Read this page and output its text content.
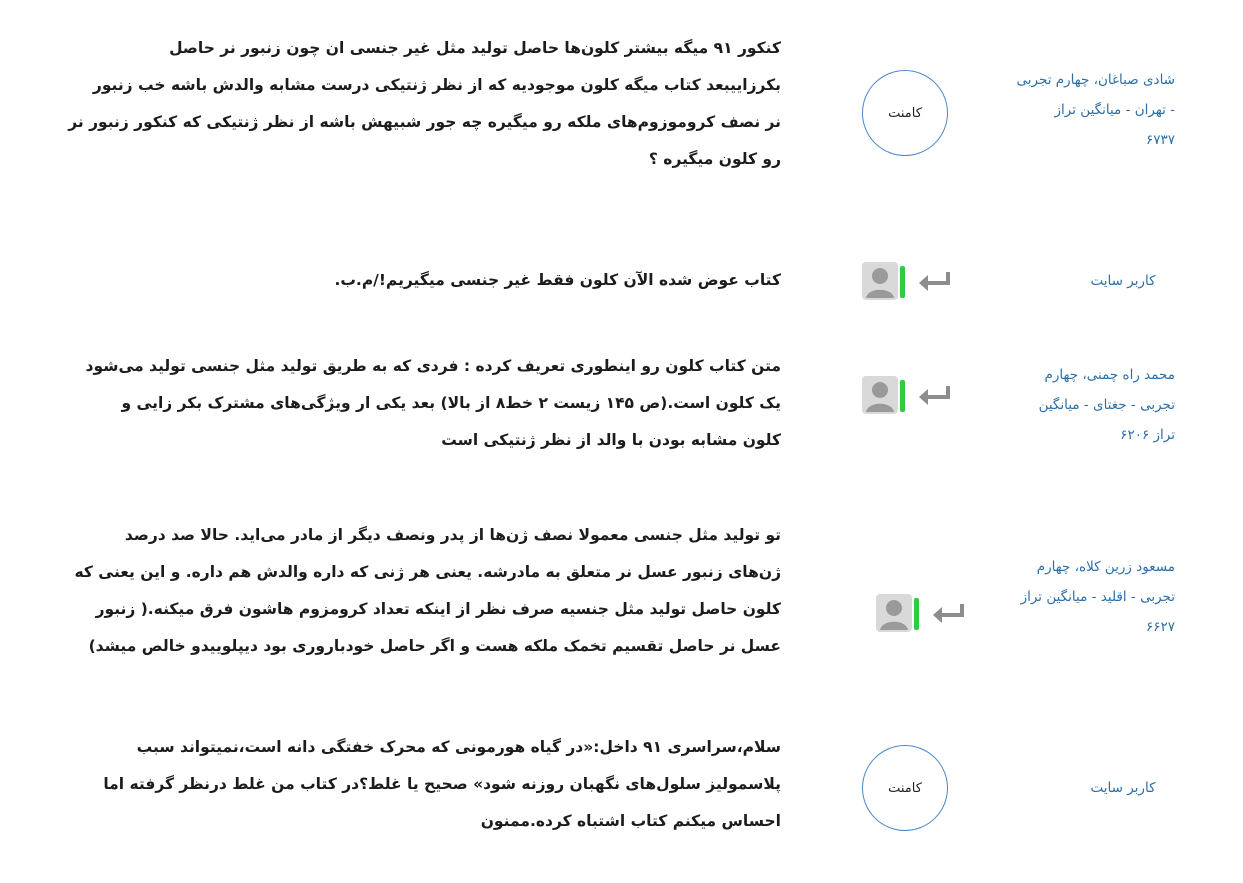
شادی صباغان، چهارم تجربی
- تهران - میانگین تراز
۶۷۳۷
کامنت
کنکور ۹۱ میگه بیشتر کلون‌ها حاصل تولید مثل غیر جنسی ان چون زنبور نر حاصل
بکرزاییبعد کتاب میگه کلون موجودیه که از نظر ژنتیکی درست مشابه والدش باشه خب زنبور
نر نصف کروموزوم‌های ملکه رو میگیره چه جور شبیهش باشه از نظر ژنتیکی که کنکور زنبور نر
رو کلون میگیره ؟
کاربر سایت
کتاب عوض شده الآن کلون فقط غیر جنسی میگیریم!/م.ب.
محمد راه چمنی، چهارم
تجربی - جغتای - میانگین
تراز ۶۲۰۶
متن کتاب کلون رو اینطوری تعریف کرده : فردی که به طریق تولید مثل جنسی تولید می‌شود
یک کلون است.(ص ۱۴۵ زیست ۲ خط۸ از بالا) بعد یکی ار ویژگی‌های مشترک بکر زایی و
کلون مشابه بودن با والد از نظر ژنتیکی است
مسعود زرین کلاه، چهارم
تجربی - اقلید - میانگین تراز
۶۶۲۷
تو تولید مثل جنسی معمولا نصف ژن‌ها از پدر ونصف دیگر از مادر می‌اید. حالا صد درصد
ژن‌های زنبور عسل نر متعلق به مادرشه. یعنی هر ژنی که داره والدش هم داره. و این یعنی که
کلون حاصل تولید مثل جنسیه صرف نظر از اینکه تعداد کرومزوم هاشون فرق میکنه.( زنبور
عسل نر حاصل تقسیم تخمک ملکه هست و اگر حاصل خودباروری بود دیپلوییدو خالص میشد)
کاربر سایت
کامنت
سلام،سراسری ۹۱ داخل:«در گیاه هورمونی که محرک خفتگی دانه است،نمیتواند سبب
پلاسمولیز سلول‌های نگهبان روزنه شود» صحیح یا غلط؟در کتاب من غلط درنظر گرفته اما
احساس میکنم کتاب اشتباه کرده.ممنون
